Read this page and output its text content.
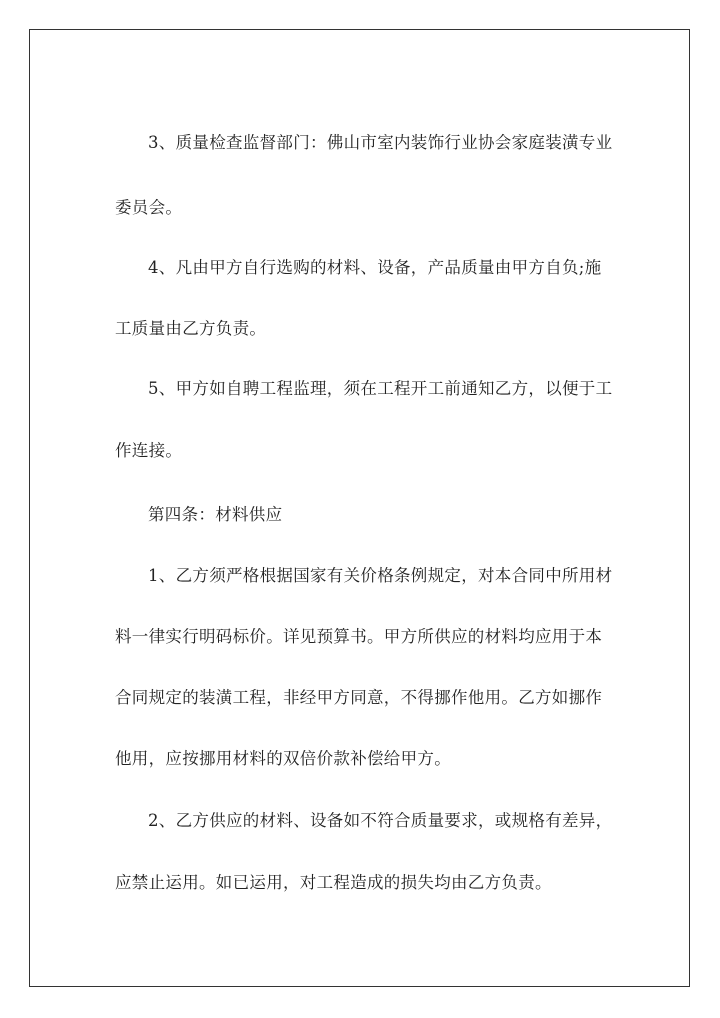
3、质量检查监督部门：佛山市室内装饰行业协会家庭装潢专业
委员会。
4、凡由甲方自行选购的材料、设备，产品质量由甲方自负;施
工质量由乙方负责。
5、甲方如自聘工程监理，须在工程开工前通知乙方，以便于工
作连接。
第四条：材料供应
1、乙方须严格根据国家有关价格条例规定，对本合同中所用材
料一律实行明码标价。详见预算书。甲方所供应的材料均应用于本
合同规定的装潢工程，非经甲方同意，不得挪作他用。乙方如挪作
他用，应按挪用材料的双倍价款补偿给甲方。
2、乙方供应的材料、设备如不符合质量要求，或规格有差异，
应禁止运用。如已运用，对工程造成的损失均由乙方负责。
